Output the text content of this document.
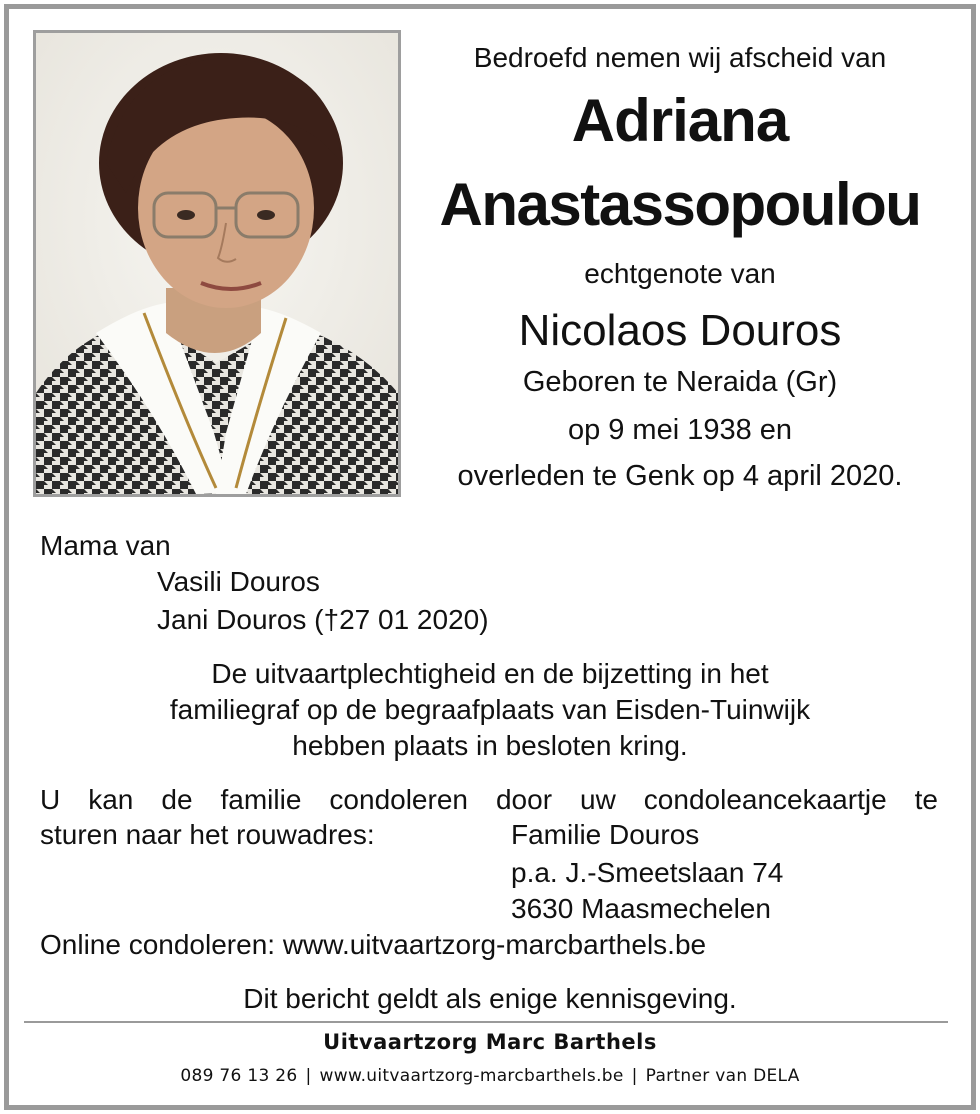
Bedroefd nemen wij afscheid van
Adriana
Anastassopoulou
echtgenote van
Nicolaos Douros
Geboren te Neraida (Gr)
op 9 mei 1938 en
overleden te Genk op 4 april 2020.
Mama van
Vasili Douros
Jani Douros (†27 01 2020)
De uitvaartplechtigheid en de bijzetting in het
familiegraf op de begraafplaats van Eisden-Tuinwijk
hebben plaats in besloten kring.
U kan de familie condoleren door uw condoleancekaartje te
sturen naar het rouwadres:	Familie Douros
p.a. J.-Smeetslaan 74
3630 Maasmechelen
Online condoleren: www.uitvaartzorg-marcbarthels.be
Dit bericht geldt als enige kennisgeving.
Uitvaartzorg Marc Barthels
089 76 13 26 | www.uitvaartzorg-marcbarthels.be | Partner van DELA
